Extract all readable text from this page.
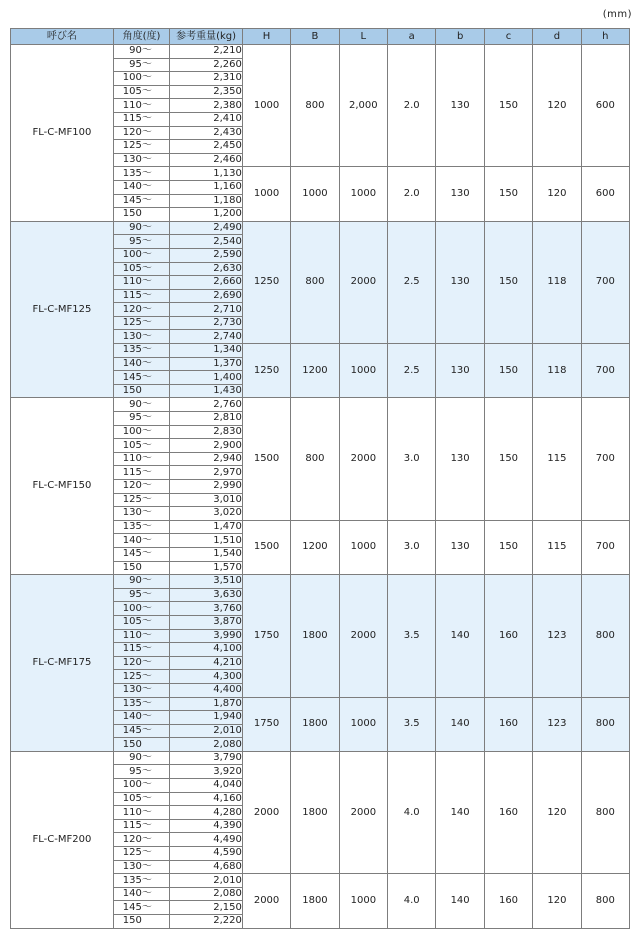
(mm)
呼び名	角度(度)	参考重量(kg)	H	B	L	a	b	c	d	h
FL-C-MF100	90～	2,210	1000	800	2,000	2.0	130	150	120	600
	95～	2,260								
	100～	2,310								
	105～	2,350								
	110～	2,380								
	115～	2,410								
	120～	2,430								
	125～	2,450								
	130～	2,460								
	135～	1,130	1000	1000	1000	2.0	130	150	120	600
	140～	1,160								
	145～	1,180								
	150	1,200								
FL-C-MF125	90～	2,490	1250	800	2000	2.5	130	150	118	700
	95～	2,540								
	100～	2,590								
	105～	2,630								
	110～	2,660								
	115～	2,690								
	120～	2,710								
	125～	2,730								
	130～	2,740								
	135～	1,340	1250	1200	1000	2.5	130	150	118	700
	140～	1,370								
	145～	1,400								
	150	1,430								
FL-C-MF150	90～	2,760	1500	800	2000	3.0	130	150	115	700
	95～	2,810								
	100～	2,830								
	105～	2,900								
	110～	2,940								
	115～	2,970								
	120～	2,990								
	125～	3,010								
	130～	3,020								
	135～	1,470	1500	1200	1000	3.0	130	150	115	700
	140～	1,510								
	145～	1,540								
	150	1,570								
FL-C-MF175	90～	3,510	1750	1800	2000	3.5	140	160	123	800
	95～	3,630								
	100～	3,760								
	105～	3,870								
	110～	3,990								
	115～	4,100								
	120～	4,210								
	125～	4,300								
	130～	4,400								
	135～	1,870	1750	1800	1000	3.5	140	160	123	800
	140～	1,940								
	145～	2,010								
	150	2,080								
FL-C-MF200	90～	3,790	2000	1800	2000	4.0	140	160	120	800
	95～	3,920								
	100～	4,040								
	105～	4,160								
	110～	4,280								
	115～	4,390								
	120～	4,490								
	125～	4,590								
	130～	4,680								
	135～	2,010	2000	1800	1000	4.0	140	160	120	800
	140～	2,080								
	145～	2,150								
	150	2,220								
